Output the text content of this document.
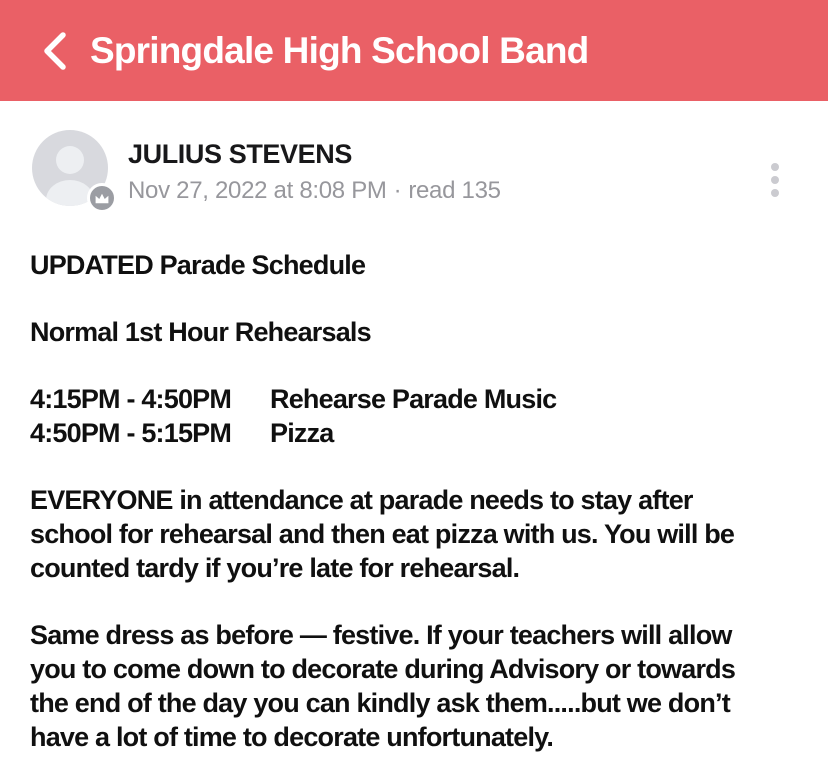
Springdale High School Band
JULIUS STEVENS
Nov 27, 2022 at 8:08 PM · read 135

UPDATED Parade Schedule

Normal 1st Hour Rehearsals

4:15PM - 4:50PM	Rehearse Parade Music
4:50PM - 5:15PM	Pizza

EVERYONE in attendance at parade needs to stay after
school for rehearsal and then eat pizza with us. You will be
counted tardy if you’re late for rehearsal.

Same dress as before — festive. If your teachers will allow
you to come down to decorate during Advisory or towards
the end of the day you can kindly ask them.....but we don’t
have a lot of time to decorate unfortunately.
